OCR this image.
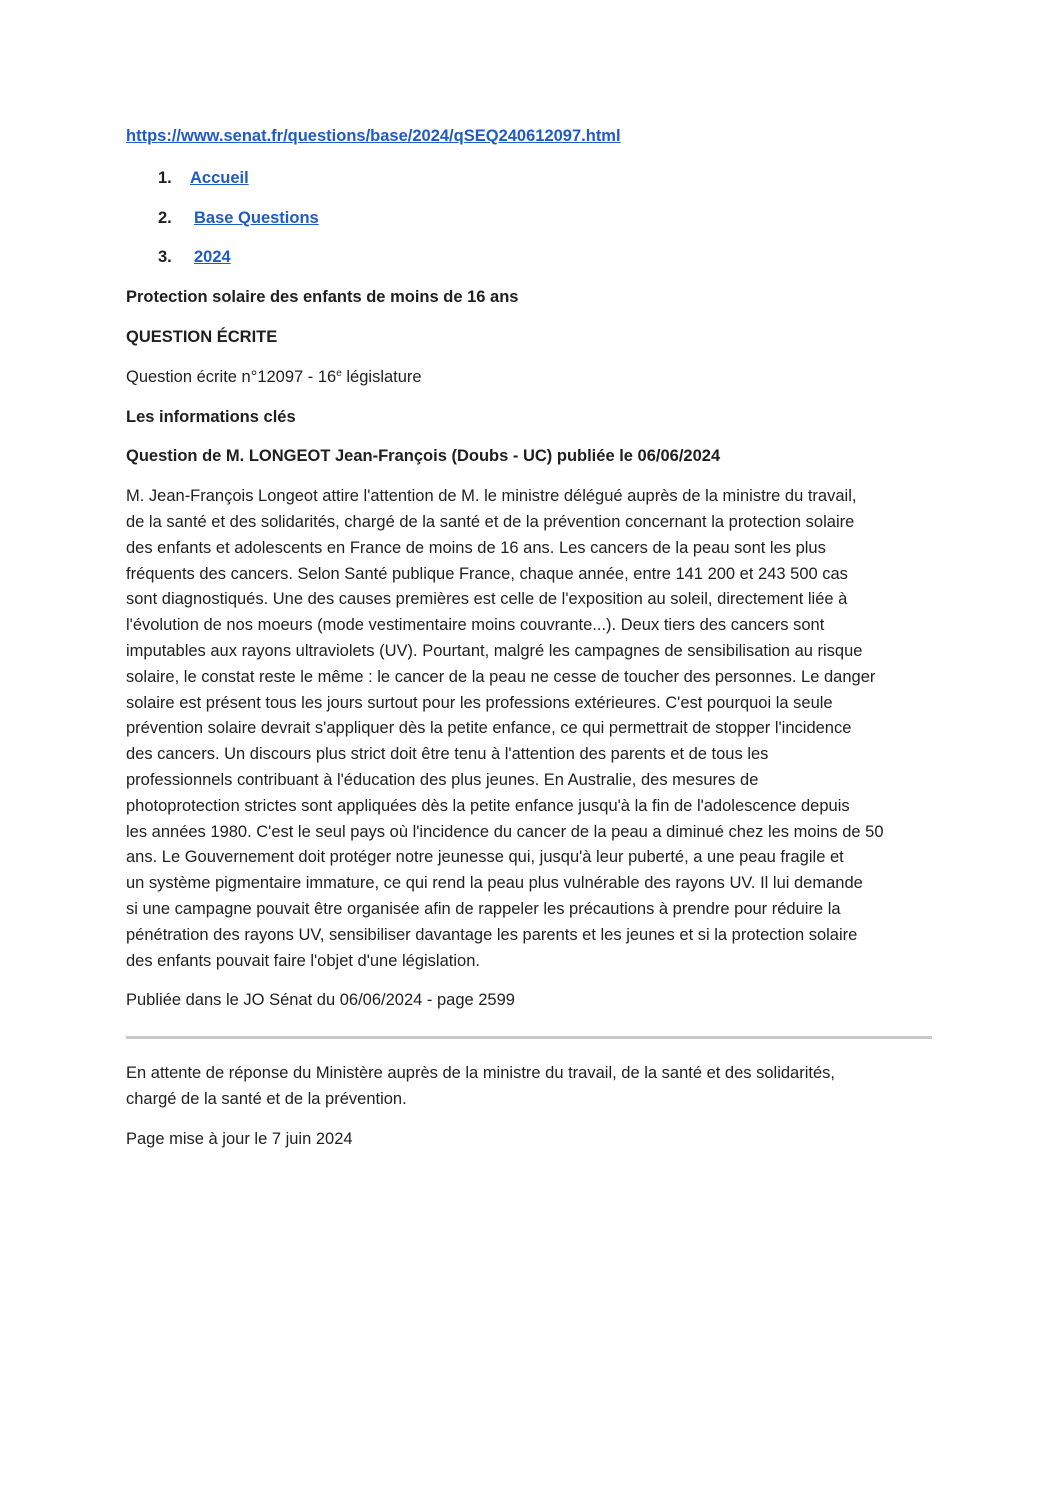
https://www.senat.fr/questions/base/2024/qSEQ240612097.html
1.	Accueil
2.	Base Questions
3.	2024
Protection solaire des enfants de moins de 16 ans
QUESTION ÉCRITE
Question écrite n°12097 - 16e législature
Les informations clés
Question de M. LONGEOT Jean-François (Doubs - UC) publiée le 06/06/2024
M. Jean-François Longeot attire l'attention de M. le ministre délégué auprès de la ministre du travail,
de la santé et des solidarités, chargé de la santé et de la prévention concernant la protection solaire
des enfants et adolescents en France de moins de 16 ans. Les cancers de la peau sont les plus
fréquents des cancers. Selon Santé publique France, chaque année, entre 141 200 et 243 500 cas
sont diagnostiqués. Une des causes premières est celle de l'exposition au soleil, directement liée à
l'évolution de nos moeurs (mode vestimentaire moins couvrante...). Deux tiers des cancers sont
imputables aux rayons ultraviolets (UV). Pourtant, malgré les campagnes de sensibilisation au risque
solaire, le constat reste le même : le cancer de la peau ne cesse de toucher des personnes. Le danger
solaire est présent tous les jours surtout pour les professions extérieures. C'est pourquoi la seule
prévention solaire devrait s'appliquer dès la petite enfance, ce qui permettrait de stopper l'incidence
des cancers. Un discours plus strict doit être tenu à l'attention des parents et de tous les
professionnels contribuant à l'éducation des plus jeunes. En Australie, des mesures de
photoprotection strictes sont appliquées dès la petite enfance jusqu'à la fin de l'adolescence depuis
les années 1980. C'est le seul pays où l'incidence du cancer de la peau a diminué chez les moins de 50
ans. Le Gouvernement doit protéger notre jeunesse qui, jusqu'à leur puberté, a une peau fragile et
un système pigmentaire immature, ce qui rend la peau plus vulnérable des rayons UV. Il lui demande
si une campagne pouvait être organisée afin de rappeler les précautions à prendre pour réduire la
pénétration des rayons UV, sensibiliser davantage les parents et les jeunes et si la protection solaire
des enfants pouvait faire l'objet d'une législation.
Publiée dans le JO Sénat du 06/06/2024 - page 2599
En attente de réponse du Ministère auprès de la ministre du travail, de la santé et des solidarités,
chargé de la santé et de la prévention.
Page mise à jour le 7 juin 2024
